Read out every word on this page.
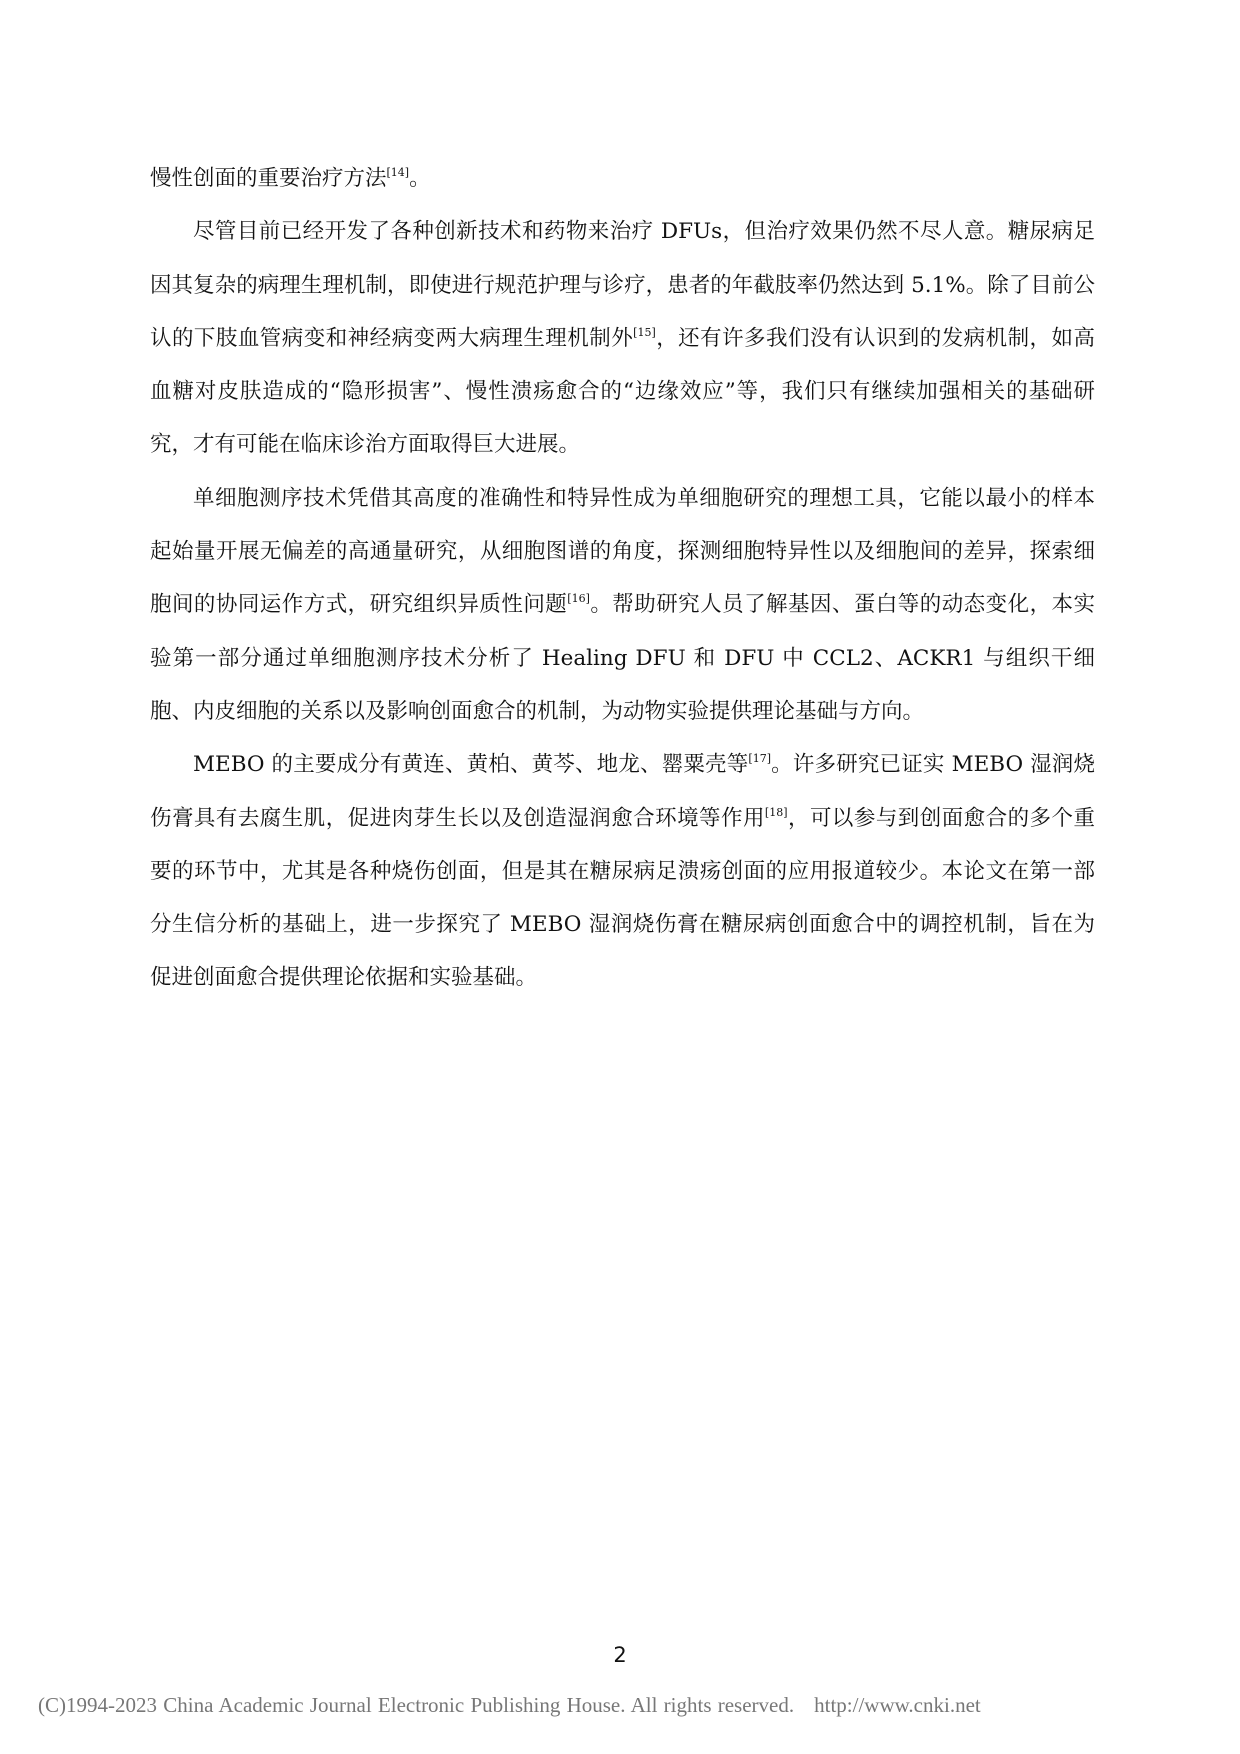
慢性创面的重要治疗方法[14]。

尽管目前已经开发了各种创新技术和药物来治疗 DFUs，但治疗效果仍然不尽人意。糖尿病足因其复杂的病理生理机制，即使进行规范护理与诊疗，患者的年截肢率仍然达到 5.1%。除了目前公认的下肢血管病变和神经病变两大病理生理机制外[15]，还有许多我们没有认识到的发病机制，如高血糖对皮肤造成的“隐形损害”、慢性溃疡愈合的“边缘效应”等，我们只有继续加强相关的基础研究，才有可能在临床诊治方面取得巨大进展。

单细胞测序技术凭借其高度的准确性和特异性成为单细胞研究的理想工具，它能以最小的样本起始量开展无偏差的高通量研究，从细胞图谱的角度，探测细胞特异性以及细胞间的差异，探索细胞间的协同运作方式，研究组织异质性问题[16]。帮助研究人员了解基因、蛋白等的动态变化，本实验第一部分通过单细胞测序技术分析了 Healing DFU 和 DFU 中 CCL2、ACKR1 与组织干细胞、内皮细胞的关系以及影响创面愈合的机制，为动物实验提供理论基础与方向。

MEBO 的主要成分有黄连、黄柏、黄芩、地龙、罂粟壳等[17]。许多研究已证实 MEBO 湿润烧伤膏具有去腐生肌，促进肉芽生长以及创造湿润愈合环境等作用[18]，可以参与到创面愈合的多个重要的环节中，尤其是各种烧伤创面，但是其在糖尿病足溃疡创面的应用报道较少。本论文在第一部分生信分析的基础上，进一步探究了 MEBO 湿润烧伤膏在糖尿病创面愈合中的调控机制，旨在为促进创面愈合提供理论依据和实验基础。

2
(C)1994-2023 China Academic Journal Electronic Publishing House. All rights reserved. http://www.cnki.net
